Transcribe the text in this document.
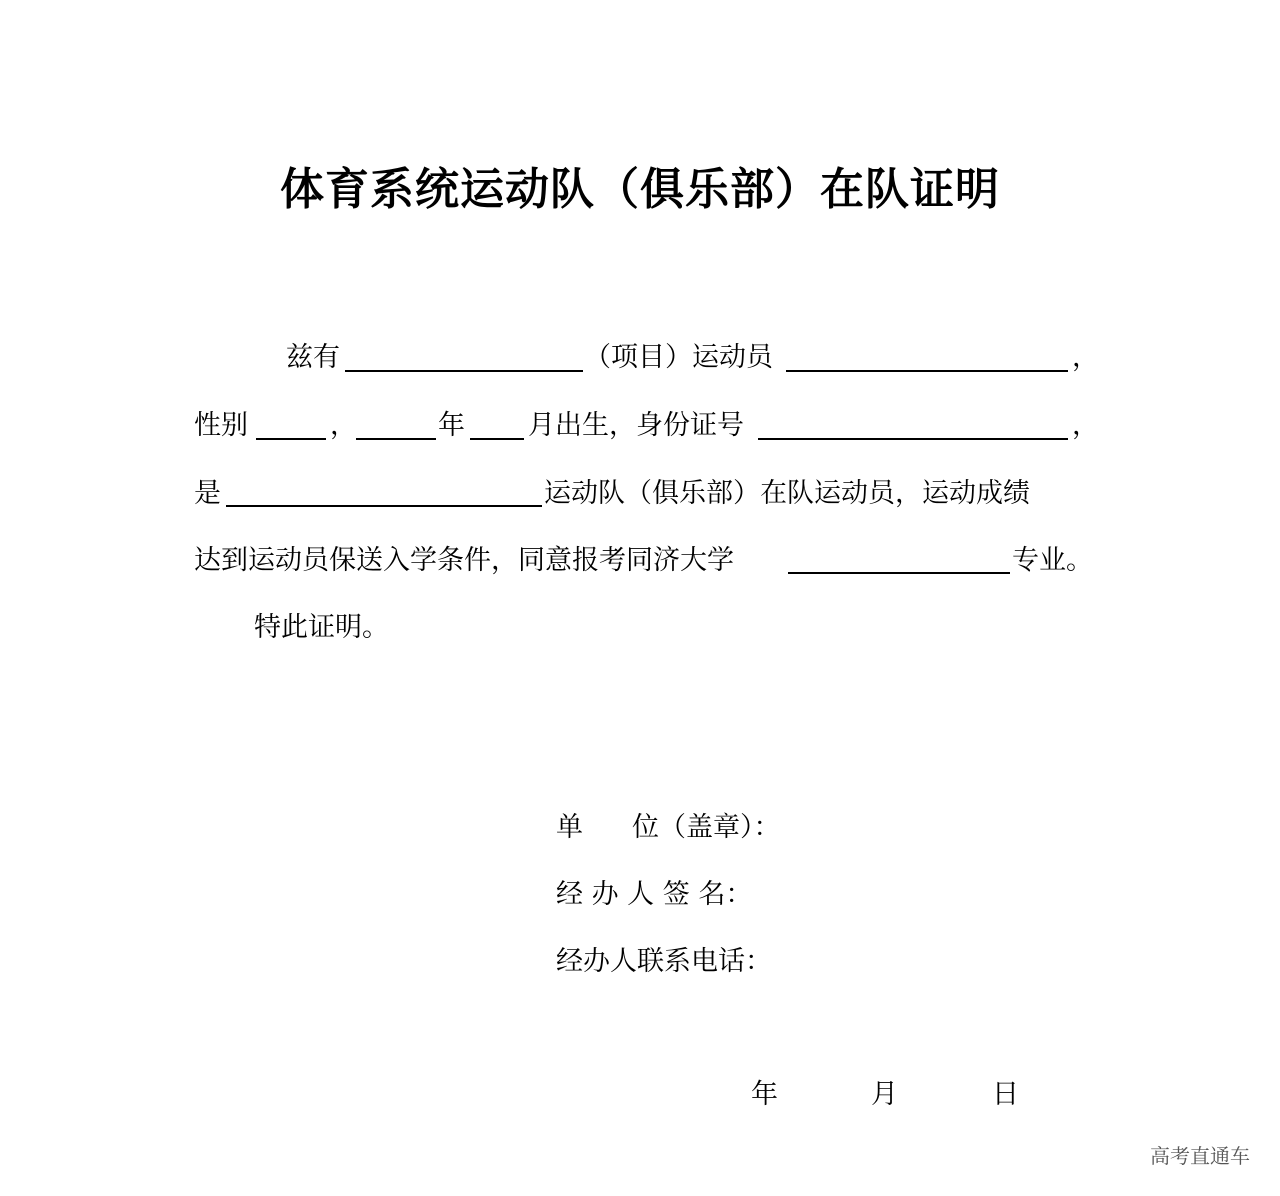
体育系统运动队（俱乐部）在队证明
兹有	（项目）运动员	，
性别	，	年 月出生，身份证号	，
是	运动队（俱乐部）在队运动员，运动成绩
达到运动员保送入学条件，同意报考同济大学	专业。
特此证明。
单 位（盖章）：
经 办 人 签 名：
经办人联系电话：
年	月	日
高考直通车
